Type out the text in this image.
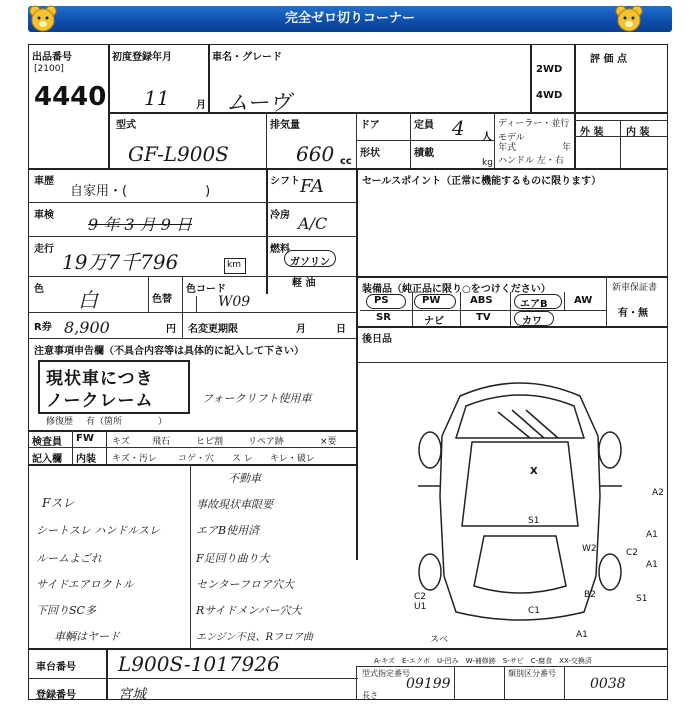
完全ゼロ切りコーナー
出品番号
[2100]
4440
初度登録年月
11	月
車名・グレード
ムーヴ
2WD
4WD
評 価 点
外 装 内 装
型式
GF-L900S
排気量
660 cc
ドア
形状
定員 4 人
積載
kg
ディーラー・並行
モデル
年式	年
ハンドル 左・右
車歴
自家用・(　　　　　　)
シフト FA
車検 9 年 3 月 9 日	冷房 A/C
走行
19万7千796	km
燃料
ガソリン
軽 油
色 白	色替
色コード
W09
R券 8,900	円 名変更期限	月	日
セールスポイント（正常に機能するものに限ります）
装備品（純正品に限り○をつけください）	新車保証書
有・無
PS	PW	ABS	エアB	AW
SR	ナビ	TV	カワ
後日品
注意事項申告欄（不具合内容等は具体的に記入して下さい）
現状車につき
ノークレーム
修復歴 有（箇所　　　　）
フォークリフト使用車
検査員
記入欄
FW
内装
キズ 飛石	ヒビ割	リペア跡	×要
キズ・汚レ コゲ・穴 ス レ キレ・破レ
Fスレ
シートスレ ハンドルスレ
ルームよごれ
サイドエアロクトル
下回りSC多
車輌はヤード
不動車
事故現状車限要
エアB使用済
F足回り曲り大
センターフロア穴大
Rサイドメンバー穴大
エンジン不良、Rフロア曲
X
A2
S1
A1
W2	C2
A1
C2
U1	C1
B2	S1
A1
スベ
A-キズ　E-エクボ　U-凹み　W-補修跡　S-サビ　C-腐食　XX-交換済
車台番号 L900S-1017926
登録番号	宮城
型式指定番号
09199
類別区分番号
0038
長さ
